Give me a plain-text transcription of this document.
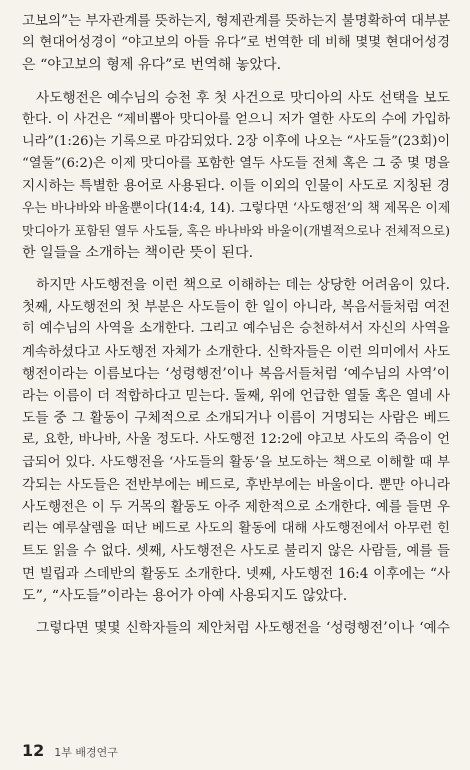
고보의”는 부자관계를 뜻하는지, 형제관계를 뜻하는지 불명확하여 대부분
의 현대어성경이 “야고보의 아들 유다”로 번역한 데 비해 몇몇 현대어성경
은 “야고보의 형제 유다”로 번역해 놓았다.
사도행전은 예수님의 승천 후 첫 사건으로 맛디아의 사도 선택을 보도
한다. 이 사건은 “제비뽑아 맛디아를 얻으니 저가 열한 사도의 수에 가입하
니라”(1:26)는 기록으로 마감되었다. 2장 이후에 나오는 “사도들”(23회)이
“열둘”(6:2)은 이제 맛디아를 포함한 열두 사도들 전체 혹은 그 중 몇 명을
지시하는 특별한 용어로 사용된다. 이들 이외의 인물이 사도로 지칭된 경
우는 바나바와 바울뿐이다(14:4, 14). 그렇다면 ‘사도행전’의 책 제목은 이제
맛디아가 포함된 열두 사도들, 혹은 바나바와 바울이(개별적으로나 전체적으로)
한 일들을 소개하는 책이란 뜻이 된다.
하지만 사도행전을 이런 책으로 이해하는 데는 상당한 어려움이 있다.
첫째, 사도행전의 첫 부분은 사도들이 한 일이 아니라, 복음서들처럼 여전
히 예수님의 사역을 소개한다. 그리고 예수님은 승천하셔서 자신의 사역을
계속하셨다고 사도행전 자체가 소개한다. 신학자들은 이런 의미에서 사도
행전이라는 이름보다는 ‘성령행전’이나 복음서들처럼 ‘예수님의 사역’이
라는 이름이 더 적합하다고 믿는다. 둘째, 위에 언급한 열둘 혹은 열네 사
도들 중 그 활동이 구체적으로 소개되거나 이름이 거명되는 사람은 베드
로, 요한, 바나바, 사울 정도다. 사도행전 12:2에 야고보 사도의 죽음이 언
급되어 있다. 사도행전을 ‘사도들의 활동’을 보도하는 책으로 이해할 때 부
각되는 사도들은 전반부에는 베드로, 후반부에는 바울이다. 뿐만 아니라
사도행전은 이 두 거목의 활동도 아주 제한적으로 소개한다. 예를 들면 우
리는 예루살렘을 떠난 베드로 사도의 활동에 대해 사도행전에서 아무런 힌
트도 읽을 수 없다. 셋째, 사도행전은 사도로 불리지 않은 사람들, 예를 들
면 빌립과 스데반의 활동도 소개한다. 넷째, 사도행전 16:4 이후에는 “사
도”, “사도들”이라는 용어가 아예 사용되지도 않았다.
그렇다면 몇몇 신학자들의 제안처럼 사도행전을 ‘성령행전’이나 ‘예수
12 1부 배경연구
